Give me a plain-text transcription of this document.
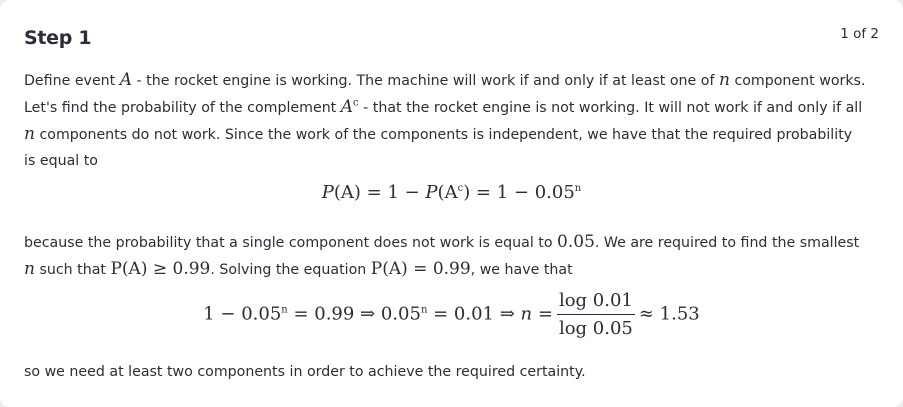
Step 1	1 of 2
Define event A - the rocket engine is working. The machine will work if and only if at least one of n component works.
Let's find the probability of the complement $A^c$ - that the rocket engine is not working. It will not work if and only if all
n components do not work. Since the work of the components is independent, we have that the required probability
is equal to
$P(A) = 1 - P(A^c) = 1 - 0.05^n$
because the probability that a single component does not work is equal to 0.05. We are required to find the smallest
n such that P(A) ≥ 0.99. Solving the equation P(A) = 0.99, we have that
$1 - 0.05^n = 0.99$ ⇒ $0.05^n = 0.01$ ⇒ $n = \frac{\log 0.01}{\log 0.05} \approx 1.53$
so we need at least two components in order to achieve the required certainty.
